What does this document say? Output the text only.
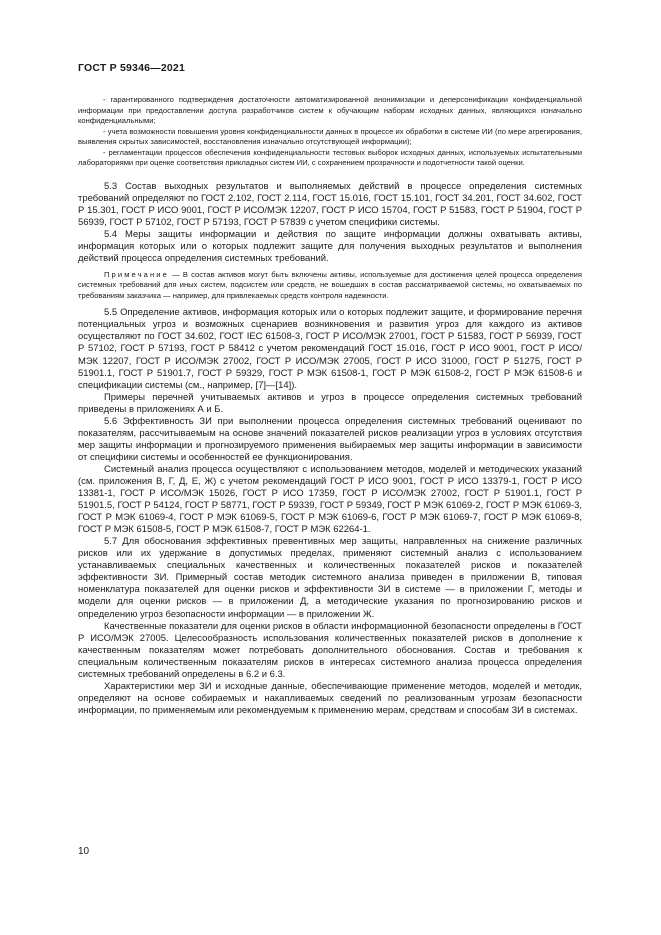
ГОСТ Р 59346—2021

- гарантированного подтверждения достаточности автоматизированной анонимизации и деперсонификации конфиденциальной информации при предоставлении доступа разработчиков систем к обучающим наборам исходных данных, являющихся изначально конфиденциальными;

- учета возможности повышения уровня конфиденциальности данных в процессе их обработки в системе ИИ (по мере агрегирования, выявления скрытых зависимостей, восстановления изначально отсутствующей информации);

- регламентации процессов обеспечения конфиденциальности тестовых выборок исходных данных, используемых испытательными лабораториями при оценке соответствия прикладных систем ИИ, с сохранением прозрачности и подотчетности такой оценки.

5.3 Состав выходных результатов и выполняемых действий в процессе определения системных требований определяют по ГОСТ 2.102, ГОСТ 2.114, ГОСТ 15.016, ГОСТ 15.101, ГОСТ 34.201, ГОСТ 34.602, ГОСТ Р 15.301, ГОСТ Р ИСО 9001, ГОСТ Р ИСО/МЭК 12207, ГОСТ Р ИСО 15704, ГОСТ Р 51583, ГОСТ Р 51904, ГОСТ Р 56939, ГОСТ Р 57102, ГОСТ Р 57193, ГОСТ Р 57839 с учетом специфики системы.

5.4 Меры защиты информации и действия по защите информации должны охватывать активы, информация которых или о которых подлежит защите для получения выходных результатов и выполнения действий процесса определения системных требований.

Примечание — В состав активов могут быть включены активы, используемые для достижения целей процесса определения системных требований для иных систем, подсистем или средств, не вошедших в состав рассматриваемой системы, но охватываемых по требованиям заказчика — например, для привлекаемых средств контроля надежности.

5.5 Определение активов, информация которых или о которых подлежит защите, и формирование перечня потенциальных угроз и возможных сценариев возникновения и развития угроз для каждого из активов осуществляют по ГОСТ 34.602, ГОСТ IEC 61508-3, ГОСТ Р ИСО/МЭК 27001, ГОСТ Р 51583, ГОСТ Р 56939, ГОСТ Р 57102, ГОСТ Р 57193, ГОСТ Р 58412 с учетом рекомендаций ГОСТ 15.016, ГОСТ Р ИСО 9001, ГОСТ Р ИСО/МЭК 12207, ГОСТ Р ИСО/МЭК 27002, ГОСТ Р ИСО/МЭК 27005, ГОСТ Р ИСО 31000, ГОСТ Р 51275, ГОСТ Р 51901.1, ГОСТ Р 51901.7, ГОСТ Р 59329, ГОСТ Р МЭК 61508-1, ГОСТ Р МЭК 61508-2, ГОСТ Р МЭК 61508-6 и спецификации системы (см., например, [7]—[14]).

Примеры перечней учитываемых активов и угроз в процессе определения системных требований приведены в приложениях А и Б.

5.6 Эффективность ЗИ при выполнении процесса определения системных требований оценивают по показателям, рассчитываемым на основе значений показателей рисков реализации угроз в условиях отсутствия мер защиты информации и прогнозируемого применения выбираемых мер защиты информации в зависимости от специфики системы и особенностей ее функционирования.

Системный анализ процесса осуществляют с использованием методов, моделей и методических указаний (см. приложения В, Г, Д, Е, Ж) с учетом рекомендаций ГОСТ Р ИСО 9001, ГОСТ Р ИСО 13379-1, ГОСТ Р ИСО 13381-1, ГОСТ Р ИСО/МЭК 15026, ГОСТ Р ИСО 17359, ГОСТ Р ИСО/МЭК 27002, ГОСТ Р 51901.1, ГОСТ Р 51901.5, ГОСТ Р 54124, ГОСТ Р 58771, ГОСТ Р 59339, ГОСТ Р 59349, ГОСТ Р МЭК 61069-2, ГОСТ Р МЭК 61069-3, ГОСТ Р МЭК 61069-4, ГОСТ Р МЭК 61069-5, ГОСТ Р МЭК 61069-6, ГОСТ Р МЭК 61069-7, ГОСТ Р МЭК 61069-8, ГОСТ Р МЭК 61508-5, ГОСТ Р МЭК 61508-7, ГОСТ Р МЭК 62264-1.

5.7 Для обоснования эффективных превентивных мер защиты, направленных на снижение различных рисков или их удержание в допустимых пределах, применяют системный анализ с использованием устанавливаемых специальных качественных и количественных показателей рисков и показателей эффективности ЗИ. Примерный состав методик системного анализа приведен в приложении В, типовая номенклатура показателей для оценки рисков и эффективности ЗИ в системе — в приложении Г, методы и модели для оценки рисков — в приложении Д, а методические указания по прогнозированию рисков и определению угроз безопасности информации — в приложении Ж.

Качественные показатели для оценки рисков в области информационной безопасности определены в ГОСТ Р ИСО/МЭК 27005. Целесообразность использования количественных показателей рисков в дополнение к качественным показателям может потребовать дополнительного обоснования. Состав и требования к специальным количественным показателям рисков в интересах системного анализа процесса определения системных требований определены в 6.2 и 6.3.

Характеристики мер ЗИ и исходные данные, обеспечивающие применение методов, моделей и методик, определяют на основе собираемых и накапливаемых сведений по реализованным угрозам безопасности информации, по применяемым или рекомендуемым к применению мерам, средствам и способам ЗИ в системах.

10
